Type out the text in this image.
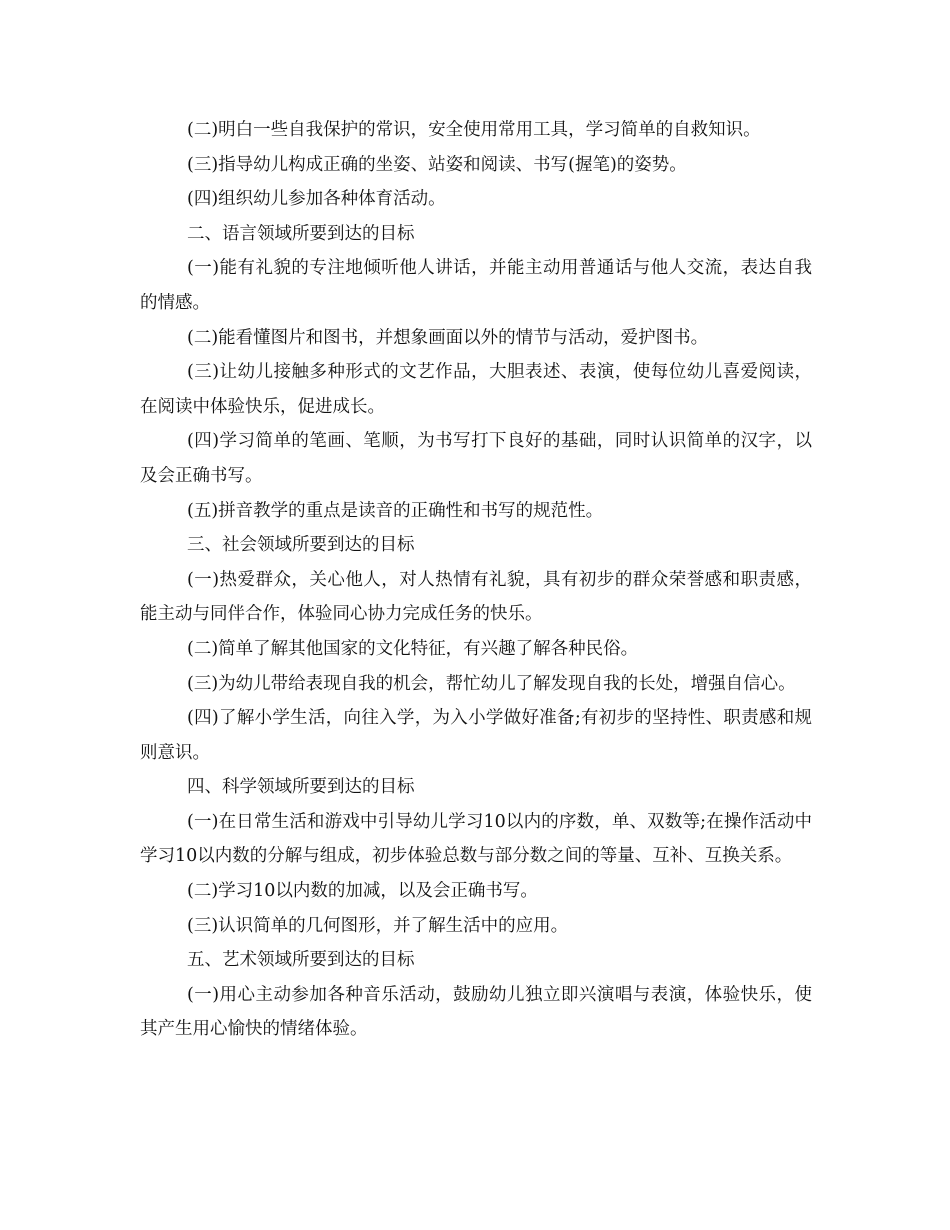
(二)明白一些自我保护的常识，安全使用常用工具，学习简单的自救知识。

(三)指导幼儿构成正确的坐姿、站姿和阅读、书写(握笔)的姿势。

(四)组织幼儿参加各种体育活动。

二、语言领域所要到达的目标

(一)能有礼貌的专注地倾听他人讲话，并能主动用普通话与他人交流，表达自我的情感。

(二)能看懂图片和图书，并想象画面以外的情节与活动，爱护图书。

(三)让幼儿接触多种形式的文艺作品，大胆表述、表演，使每位幼儿喜爱阅读，在阅读中体验快乐，促进成长。

(四)学习简单的笔画、笔顺，为书写打下良好的基础，同时认识简单的汉字，以及会正确书写。

(五)拼音教学的重点是读音的正确性和书写的规范性。

三、社会领域所要到达的目标

(一)热爱群众，关心他人，对人热情有礼貌，具有初步的群众荣誉感和职责感，能主动与同伴合作，体验同心协力完成任务的快乐。

(二)简单了解其他国家的文化特征，有兴趣了解各种民俗。

(三)为幼儿带给表现自我的机会，帮忙幼儿了解发现自我的长处，增强自信心。

(四)了解小学生活，向往入学，为入小学做好准备;有初步的坚持性、职责感和规则意识。

四、科学领域所要到达的目标

(一)在日常生活和游戏中引导幼儿学习10以内的序数，单、双数等;在操作活动中学习10以内数的分解与组成，初步体验总数与部分数之间的等量、互补、互换关系。

(二)学习10以内数的加减，以及会正确书写。

(三)认识简单的几何图形，并了解生活中的应用。

五、艺术领域所要到达的目标

(一)用心主动参加各种音乐活动，鼓励幼儿独立即兴演唱与表演，体验快乐，使其产生用心愉快的情绪体验。
